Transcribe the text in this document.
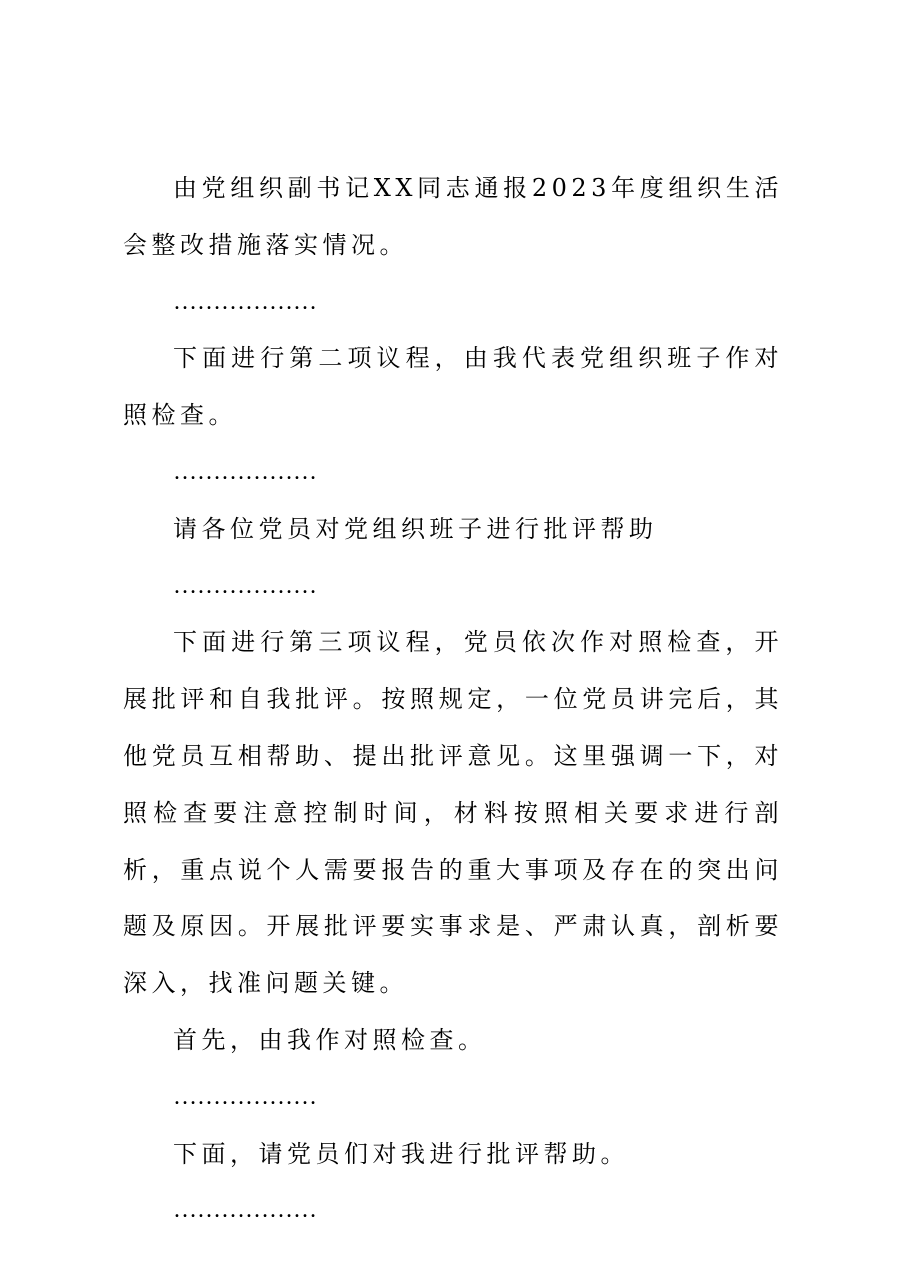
由党组织副书记XX同志通报2023年度组织生活会整改措施落实情况。

………………

下面进行第二项议程，由我代表党组织班子作对照检查。

………………

请各位党员对党组织班子进行批评帮助

………………

下面进行第三项议程，党员依次作对照检查，开展批评和自我批评。按照规定，一位党员讲完后，其他党员互相帮助、提出批评意见。这里强调一下，对照检查要注意控制时间，材料按照相关要求进行剖析，重点说个人需要报告的重大事项及存在的突出问题及原因。开展批评要实事求是、严肃认真，剖析要深入，找准问题关键。

首先，由我作对照检查。

………………

下面，请党员们对我进行批评帮助。

………………
